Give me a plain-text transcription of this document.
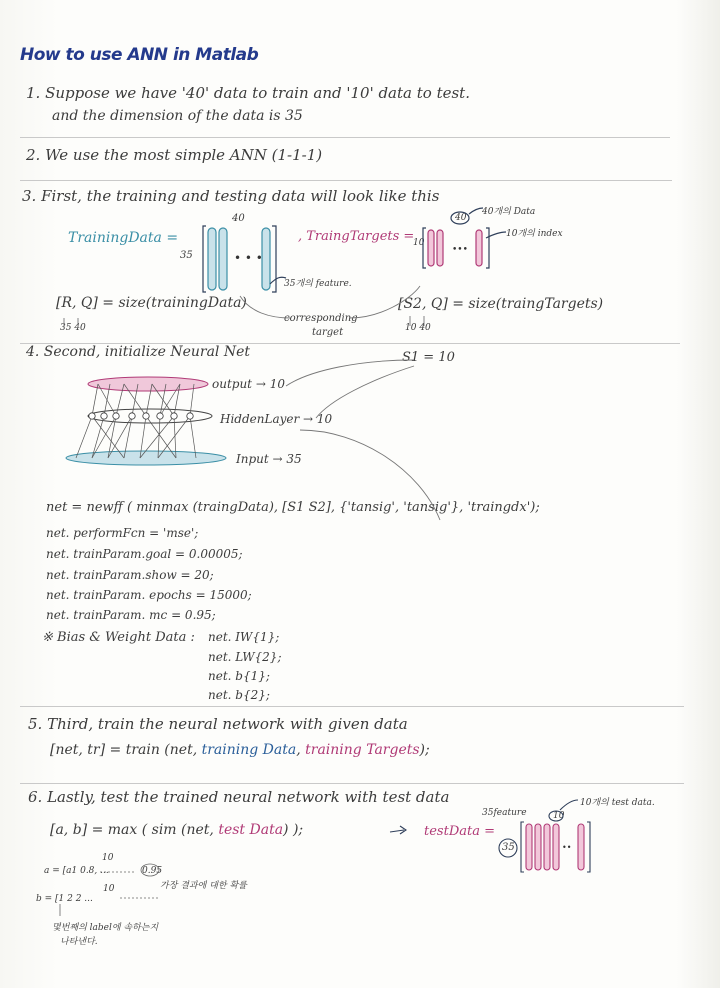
How to use ANN in Matlab
1. Suppose we have '40' data to train and '10' data to test.
and the dimension of the data is 35
2. We use the most simple ANN (1-1-1)
3. First, the training and testing data will look like this
TrainingData =
35
40
35개의 feature.
, TraingTargets =
10
40
40개의 Data
10개의 index
[R, Q] = size(trainingData)
35 40
corresponding
target
[S2, Q] = size(traingTargets)
10 40
4. Second, initialize Neural Net	S1 = 10
output → 10
HiddenLayer → 10
Input → 35
net = newff ( minmax (traingData), [S1 S2], {'tansig', 'tansig'}, 'traingdx');
net. performFcn = 'mse';
net. trainParam.goal = 0.00005;
net. trainParam.show = 20;
net. trainParam. epochs = 15000;
net. trainParam. mc = 0.95;
※ Bias & Weight Data : net. IW{1};
net. LW{2};
net. b{1};
net. b{2};
5. Third, train the neural network with given data
[net, tr] = train (net, training Data, training Targets);
6. Lastly, test the trained neural network with test data
[a, b] = max ( sim (net, test Data) );	testData =
10개의 test data.
35feature
35
10
a = [a1 0.8, ...
10
0.95
가장 결과에 대한 확률
b = [1 2 2 ...
10
몇번째의 label에 속하는지
나타낸다.
• • •
•••
••
